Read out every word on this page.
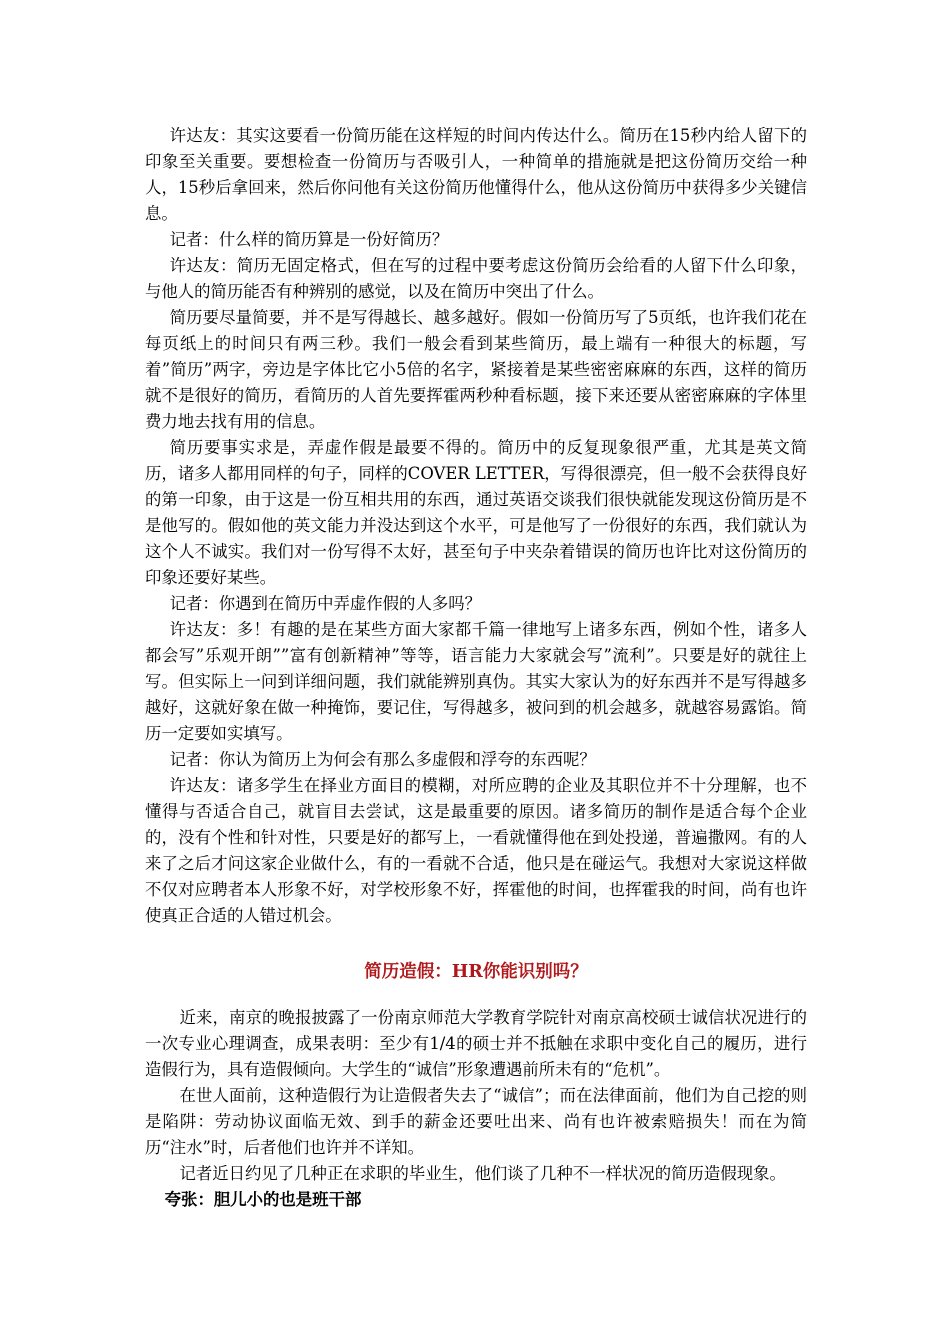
许达友：其实这要看一份简历能在这样短的时间内传达什么。简历在15秒内给人留下的印象至关重要。要想检查一份简历与否吸引人，一种简单的措施就是把这份简历交给一种人，15秒后拿回来，然后你问他有关这份简历他懂得什么，他从这份简历中获得多少关键信息。

记者：什么样的简历算是一份好简历？

许达友：简历无固定格式，但在写的过程中要考虑这份简历会给看的人留下什么印象，与他人的简历能否有种辨别的感觉，以及在简历中突出了什么。

简历要尽量简要，并不是写得越长、越多越好。假如一份简历写了5页纸，也许我们花在每页纸上的时间只有两三秒。我们一般会看到某些简历，最上端有一种很大的标题，写着”简历”两字，旁边是字体比它小5倍的名字，紧接着是某些密密麻麻的东西，这样的简历就不是很好的简历，看简历的人首先要挥霍两秒种看标题，接下来还要从密密麻麻的字体里费力地去找有用的信息。

简历要事实求是，弄虚作假是最要不得的。简历中的反复现象很严重，尤其是英文简历，诸多人都用同样的句子，同样的COVER LETTER，写得很漂亮，但一般不会获得良好的第一印象，由于这是一份互相共用的东西，通过英语交谈我们很快就能发现这份简历是不是他写的。假如他的英文能力并没达到这个水平，可是他写了一份很好的东西，我们就认为这个人不诚实。我们对一份写得不太好，甚至句子中夹杂着错误的简历也许比对这份简历的印象还要好某些。

记者：你遇到在简历中弄虚作假的人多吗？

许达友：多！有趣的是在某些方面大家都千篇一律地写上诸多东西，例如个性，诸多人都会写”乐观开朗””富有创新精神”等等，语言能力大家就会写”流利”。只要是好的就往上写。但实际上一问到详细问题，我们就能辨别真伪。其实大家认为的好东西并不是写得越多越好，这就好象在做一种掩饰，要记住，写得越多，被问到的机会越多，就越容易露馅。简历一定要如实填写。

记者：你认为简历上为何会有那么多虚假和浮夸的东西呢？

许达友：诸多学生在择业方面目的模糊，对所应聘的企业及其职位并不十分理解，也不懂得与否适合自己，就盲目去尝试，这是最重要的原因。诸多简历的制作是适合每个企业的，没有个性和针对性，只要是好的都写上，一看就懂得他在到处投递，普遍撒网。有的人来了之后才问这家企业做什么，有的一看就不合适，他只是在碰运气。我想对大家说这样做不仅对应聘者本人形象不好，对学校形象不好，挥霍他的时间，也挥霍我的时间，尚有也许使真正合适的人错过机会。

简历造假：HR你能识别吗？

近来，南京的晚报披露了一份南京师范大学教育学院针对南京高校硕士诚信状况进行的一次专业心理调查，成果表明：至少有1/4的硕士并不抵触在求职中变化自己的履历，进行造假行为，具有造假倾向。大学生的“诚信”形象遭遇前所未有的“危机”。

在世人面前，这种造假行为让造假者失去了“诚信”；而在法律面前，他们为自己挖的则是陷阱：劳动协议面临无效、到手的薪金还要吐出来、尚有也许被索赔损失！而在为简历“注水”时，后者他们也许并不详知。

记者近日约见了几种正在求职的毕业生，他们谈了几种不一样状况的简历造假现象。

夸张：胆儿小的也是班干部
